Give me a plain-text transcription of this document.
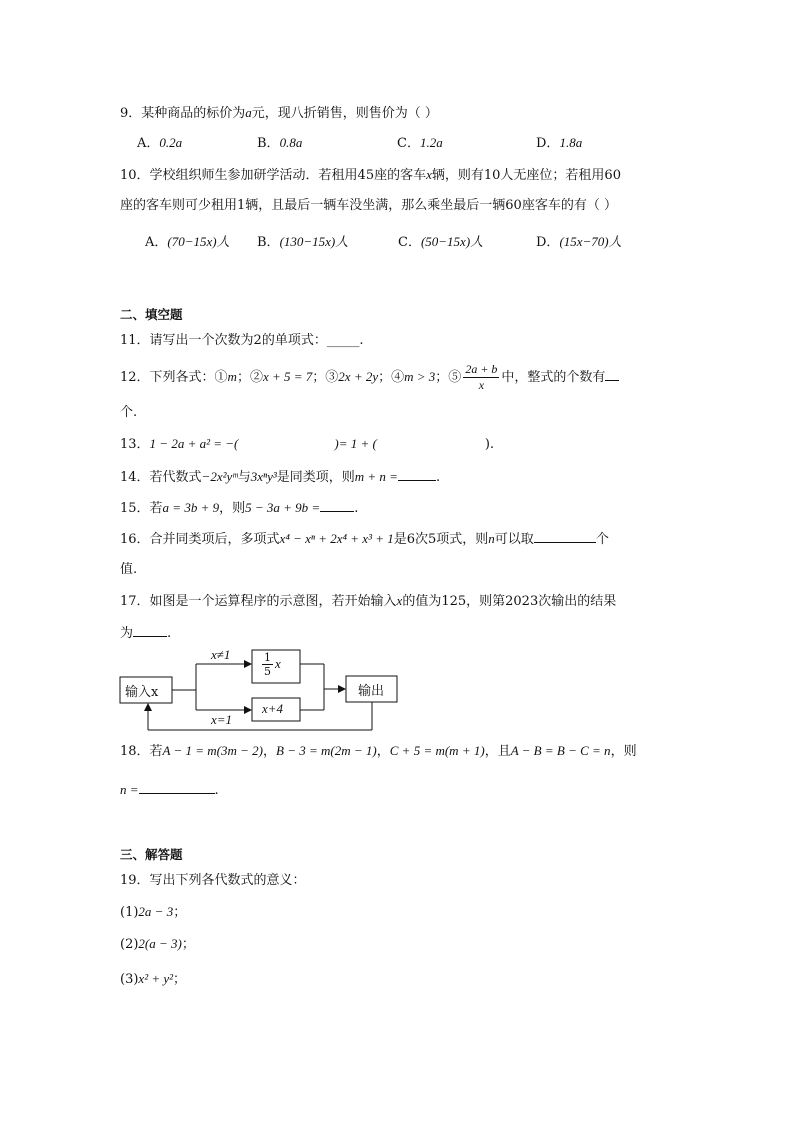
9．某种商品的标价为a元，现八折销售，则售价为（ ）
A．0.2a	B．0.8a	C．1.2a	D．1.8a
10．学校组织师生参加研学活动．若租用45座的客车x辆，则有10人无座位；若租用60
座的客车则可少租用1辆，且最后一辆车没坐满，那么乘坐最后一辆60座客车的有（ ）
A．(70−15x)人 B．(130−15x)人	C．(50−15x)人	D．(15x−70)人
二、填空题
11．请写出一个次数为2的单项式：_____.
12．下列各式：①m；②x + 5 = 7；③2x + 2y；④m > 3；⑤ $\frac{2a + b}{x}$ 中，整式的个数有
个.
13．1 − 2a + a² = −(	)= 1 + (	).
14．若代数式−2x²yᵐ与3xⁿy³是同类项，则m + n =	.
15．若a = 3b + 9，则5 − 3a + 9b =	.
16．合并同类项后，多项式x⁴ − xⁿ + 2x⁴ + x³ + 1是6次5项式，则n可以取	个
值.
17．如图是一个运算程序的示意图，若开始输入x的值为125，则第2023次输出的结果
为	.
输入x
x≠1	$\frac{1}{5}$ x
x=1
x+4
输出
18．若A − 1 = m(3m − 2)，B − 3 = m(2m − 1)，C + 5 = m(m + 1)，且A − B = B − C = n，则
n =	.
三、解答题
19．写出下列各代数式的意义：
(1)2a − 3；
(2)2(a − 3)；
(3)x² + y²；
